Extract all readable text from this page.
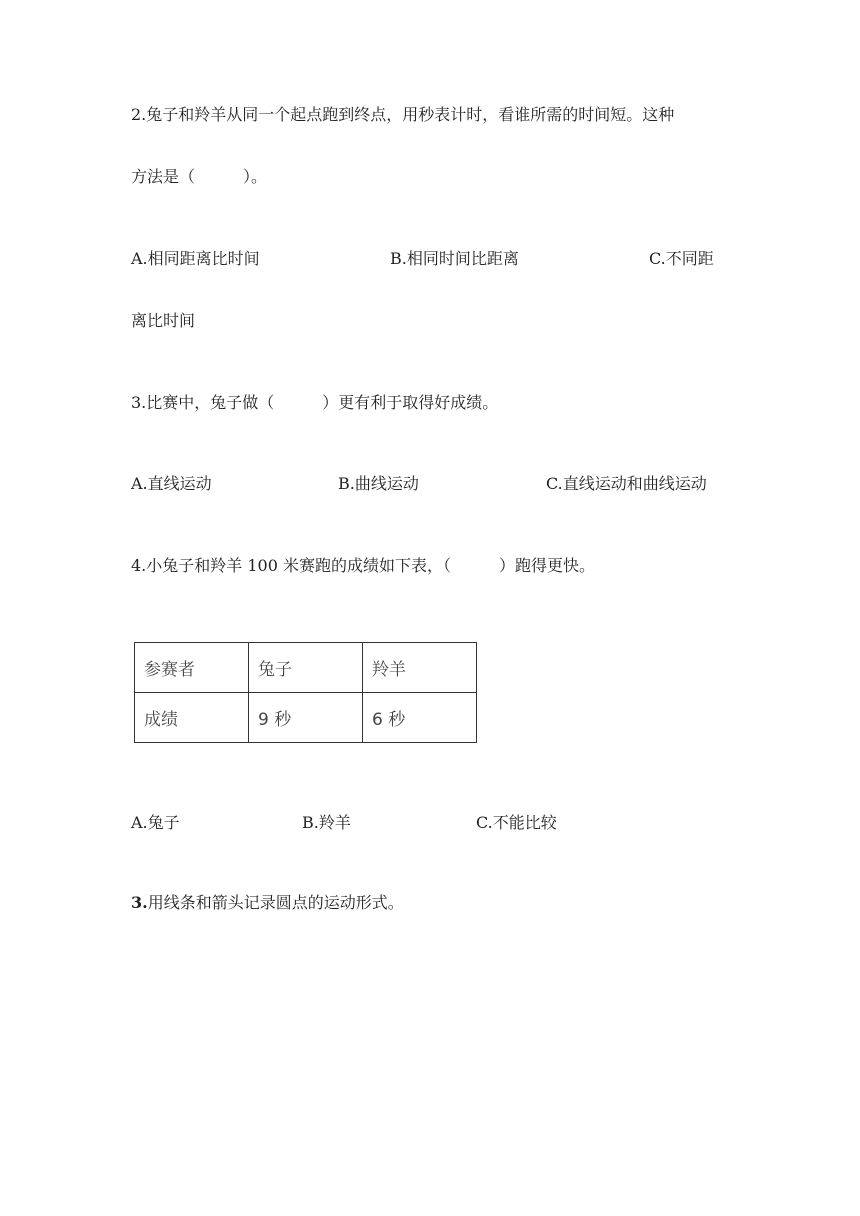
2.兔子和羚羊从同一个起点跑到终点，用秒表计时，看谁所需的时间短。这种
方法是（　　　）。
A.相同距离比时间	B.相同时间比距离	C.不同距
离比时间
3.比赛中，兔子做（　　　）更有利于取得好成绩。
A.直线运动	B.曲线运动	C.直线运动和曲线运动
4.小兔子和羚羊 100 米赛跑的成绩如下表，（　　　）跑得更快。
参赛者	兔子	羚羊
成绩	9 秒	6 秒
A.兔子	B.羚羊	C.不能比较
3.用线条和箭头记录圆点的运动形式。
